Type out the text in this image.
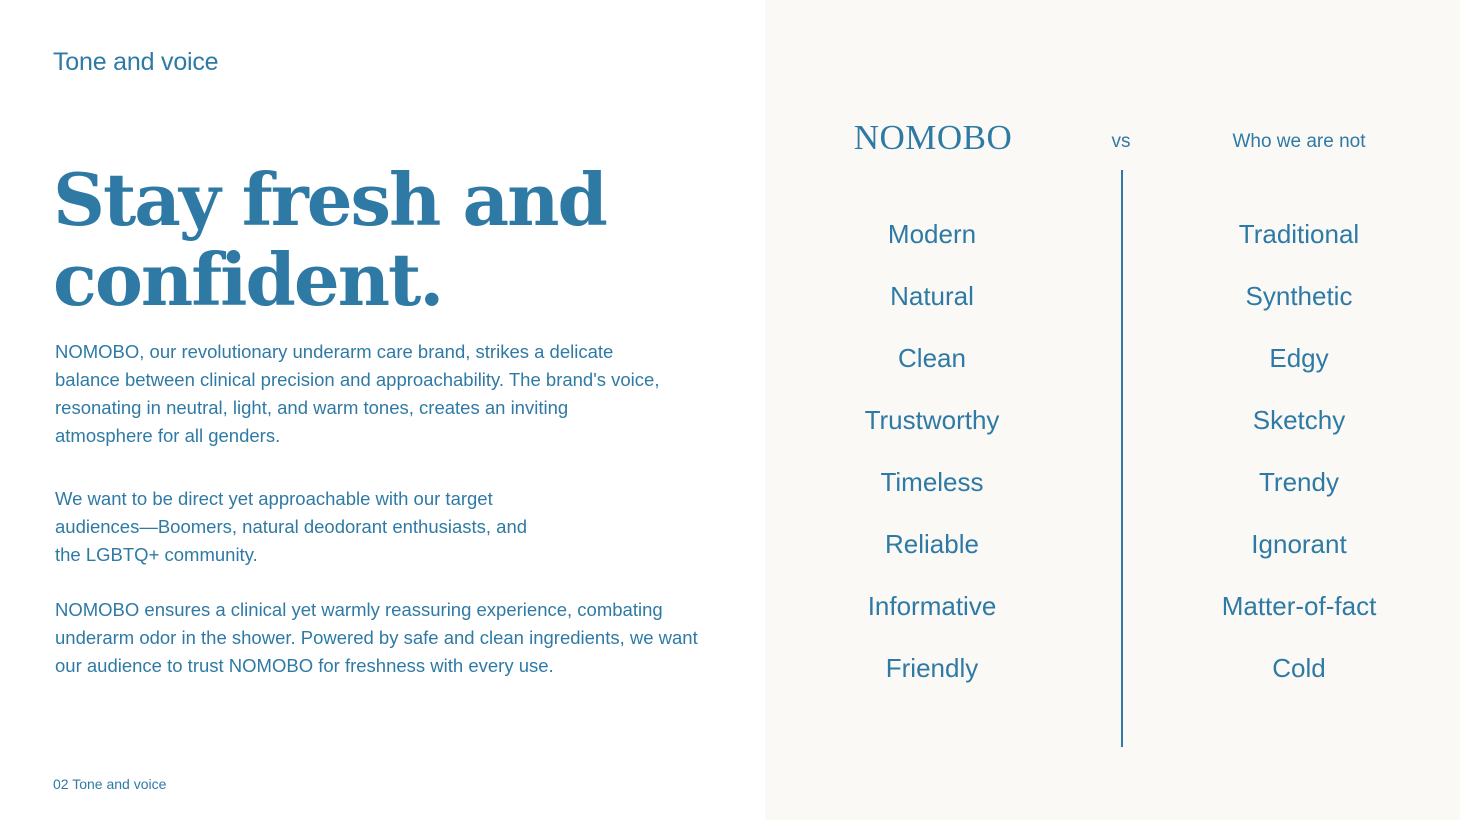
Tone and voice
Stay fresh and confident.

NOMOBO, our revolutionary underarm care brand, strikes a delicate balance between clinical precision and approachability. The brand's voice, resonating in neutral, light, and warm tones, creates an inviting atmosphere for all genders.

We want to be direct yet approachable with our target audiences—Boomers, natural deodorant enthusiasts, and the LGBTQ+ community.

NOMOBO ensures a clinical yet warmly reassuring experience, combating underarm odor in the shower. Powered by safe and clean ingredients, we want our audience to trust NOMOBO for freshness with every use.

02 Tone and voice
NOMOBO	vs	Who we are not
Modern
Natural
Clean
Trustworthy
Timeless
Reliable
Informative
Friendly
Traditional
Synthetic
Edgy
Sketchy
Trendy
Ignorant
Matter-of-fact
Cold
